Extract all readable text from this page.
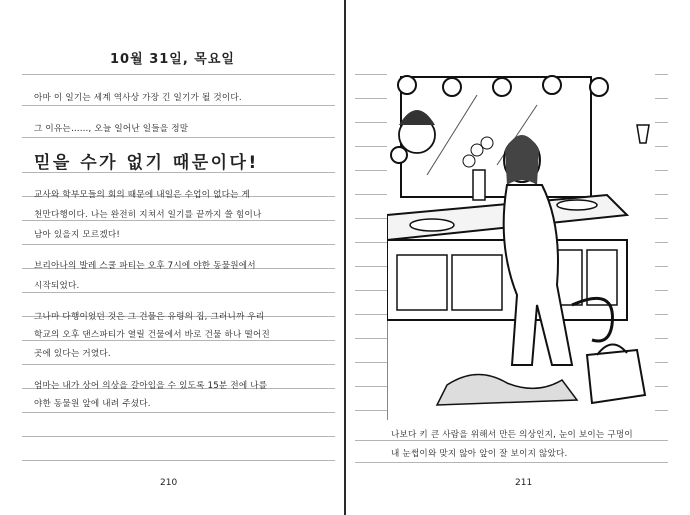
10월 31일, 목요일
아마 이 일기는 세계 역사상 가장 긴 일기가 될 것이다.
그 이유는……, 오늘 일어난 일들을 정말
믿을 수가 없기 때문이다!
교사와 학부모들의 회의 때문에 내일은 수업이 없다는 게
천만다행이다. 나는 완전히 지쳐서 일기를 끝까지 쓸 힘이나
남아 있을지 모르겠다!
브리아나의 발레 스쿨 파티는 오후 7시에 야한 동물원에서
시작되었다.
그나마 다행이었던 것은 그 건물은 유령의 집, 그러니까 우리
학교의 오후 댄스파티가 열릴 건물에서 바로 건물 하나 떨어진
곳에 있다는 거였다.
엄마는 내가 상어 의상을 갈아입을 수 있도록 15분 전에 나를
야한 동물원 앞에 내려 주셨다.
210
나보다 키 큰 사람을 위해서 만든 의상인지, 눈이 보이는 구멍이
내 눈썹이와 맞지 않아 앞이 잘 보이지 않았다.
211
